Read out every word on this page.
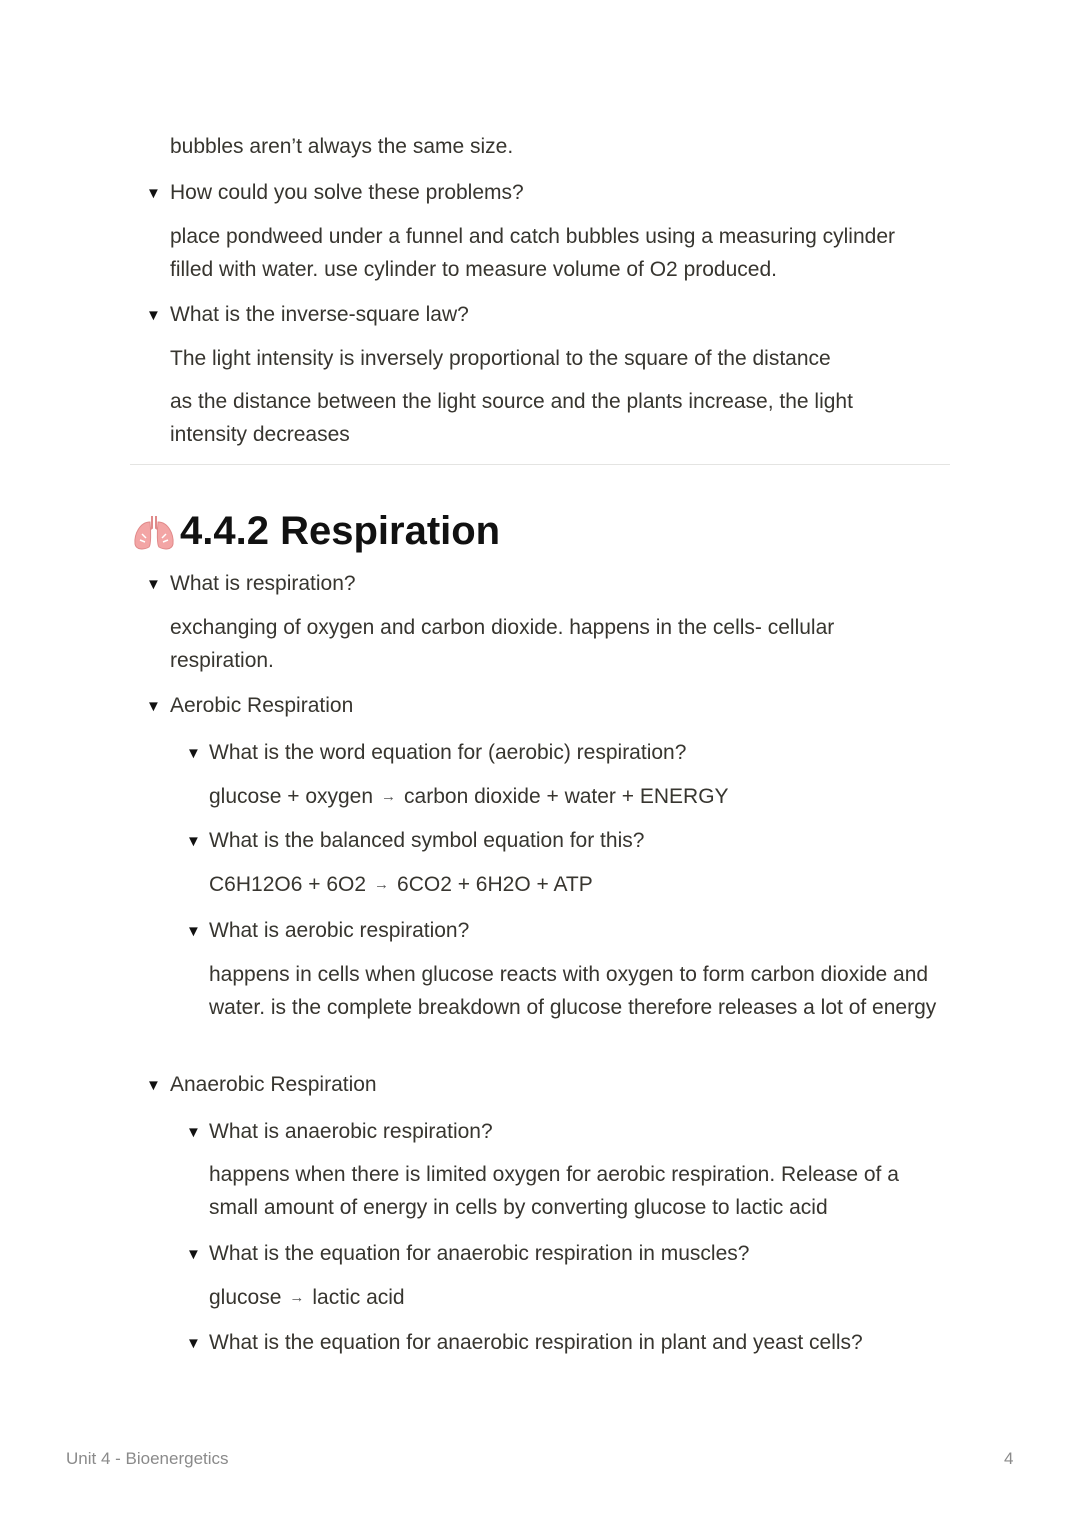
bubbles aren’t always the same size.
▼ How could you solve these problems?
place pondweed under a funnel and catch bubbles using a measuring cylinder filled with water. use cylinder to measure volume of O2 produced.
▼ What is the inverse-square law?
The light intensity is inversely proportional to the square of the distance
as the distance between the light source and the plants increase, the light intensity decreases
4.4.2 Respiration
▼ What is respiration?
exchanging of oxygen and carbon dioxide. happens in the cells- cellular respiration.
▼ Aerobic Respiration
▼ What is the word equation for (aerobic) respiration?
glucose + oxygen → carbon dioxide + water + ENERGY
▼ What is the balanced symbol equation for this?
C6H12O6 + 6O2 → 6CO2 + 6H2O + ATP
▼ What is aerobic respiration?
happens in cells when glucose reacts with oxygen to form carbon dioxide and water. is the complete breakdown of glucose therefore releases a lot of energy
▼ Anaerobic Respiration
▼ What is anaerobic respiration?
happens when there is limited oxygen for aerobic respiration. Release of a small amount of energy in cells by converting glucose to lactic acid
▼ What is the equation for anaerobic respiration in muscles?
glucose → lactic acid
▼ What is the equation for anaerobic respiration in plant and yeast cells?
Unit 4 - Bioenergetics	4
